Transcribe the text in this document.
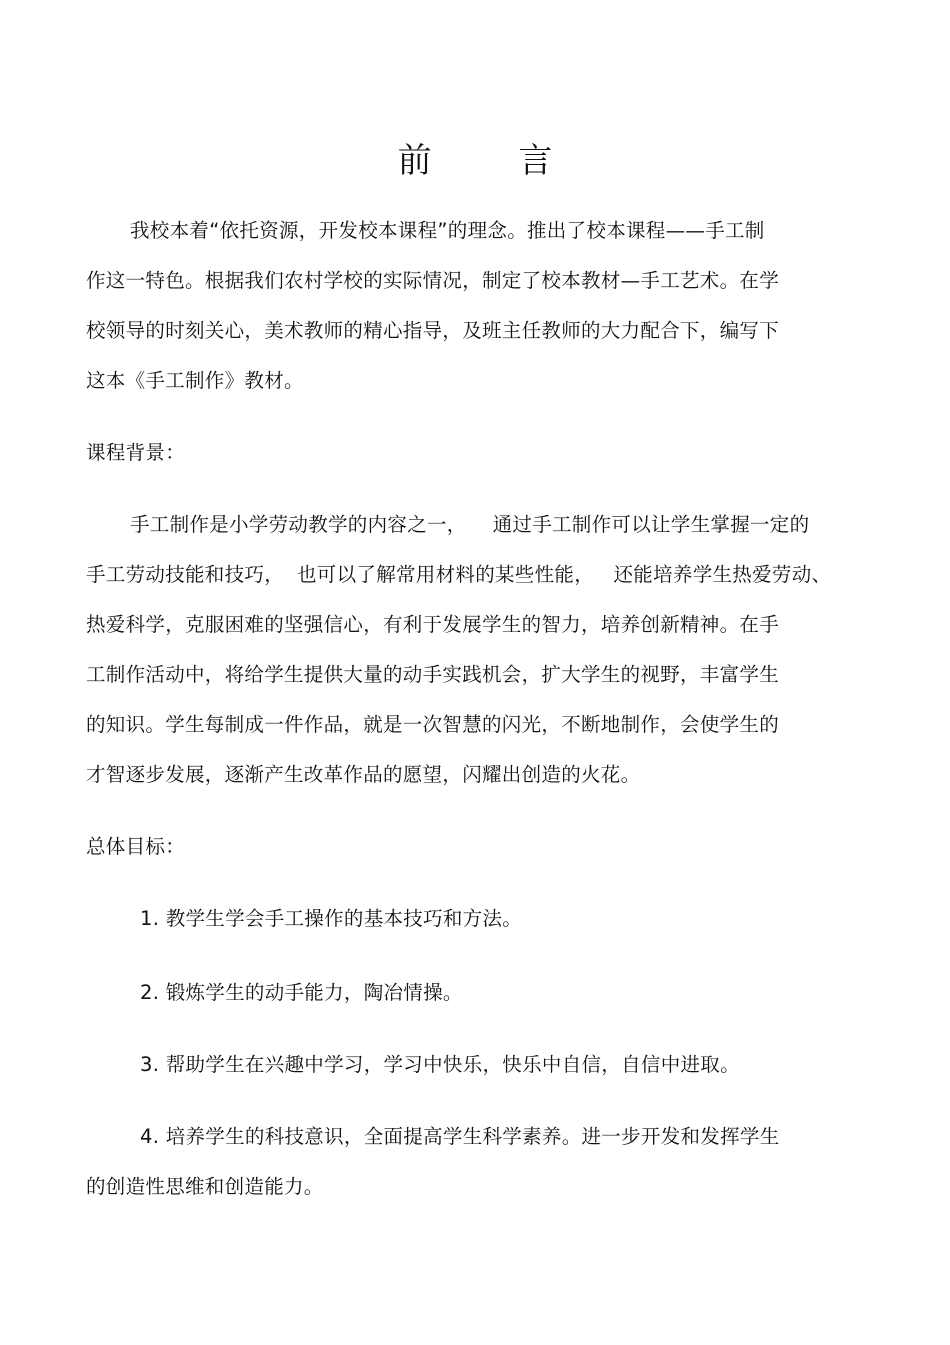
前 言
我校本着“依托资源，开发校本课程”的理念。推出了校本课程——手工制
作这一特色。根据我们农村学校的实际情况，制定了校本教材—手工艺术。在学
校领导的时刻关心，美术教师的精心指导，及班主任教师的大力配合下，编写下
这本《手工制作》教材。
课程背景：
手工制作是小学劳动教学的内容之一，    通过手工制作可以让学生掌握一定的
手工劳动技能和技巧，  也可以了解常用材料的某些性能，   还能培养学生热爱劳动、
热爱科学，克服困难的坚强信心，有利于发展学生的智力，培养创新精神。在手
工制作活动中，将给学生提供大量的动手实践机会，扩大学生的视野，丰富学生
的知识。学生每制成一件作品，就是一次智慧的闪光，不断地制作，会使学生的
才智逐步发展，逐渐产生改革作品的愿望，闪耀出创造的火花。
总体目标：
1. 教学生学会手工操作的基本技巧和方法。
2. 锻炼学生的动手能力，陶冶情操。
3. 帮助学生在兴趣中学习，学习中快乐，快乐中自信，自信中进取。
4. 培养学生的科技意识，全面提高学生科学素养。进一步开发和发挥学生
的创造性思维和创造能力。
